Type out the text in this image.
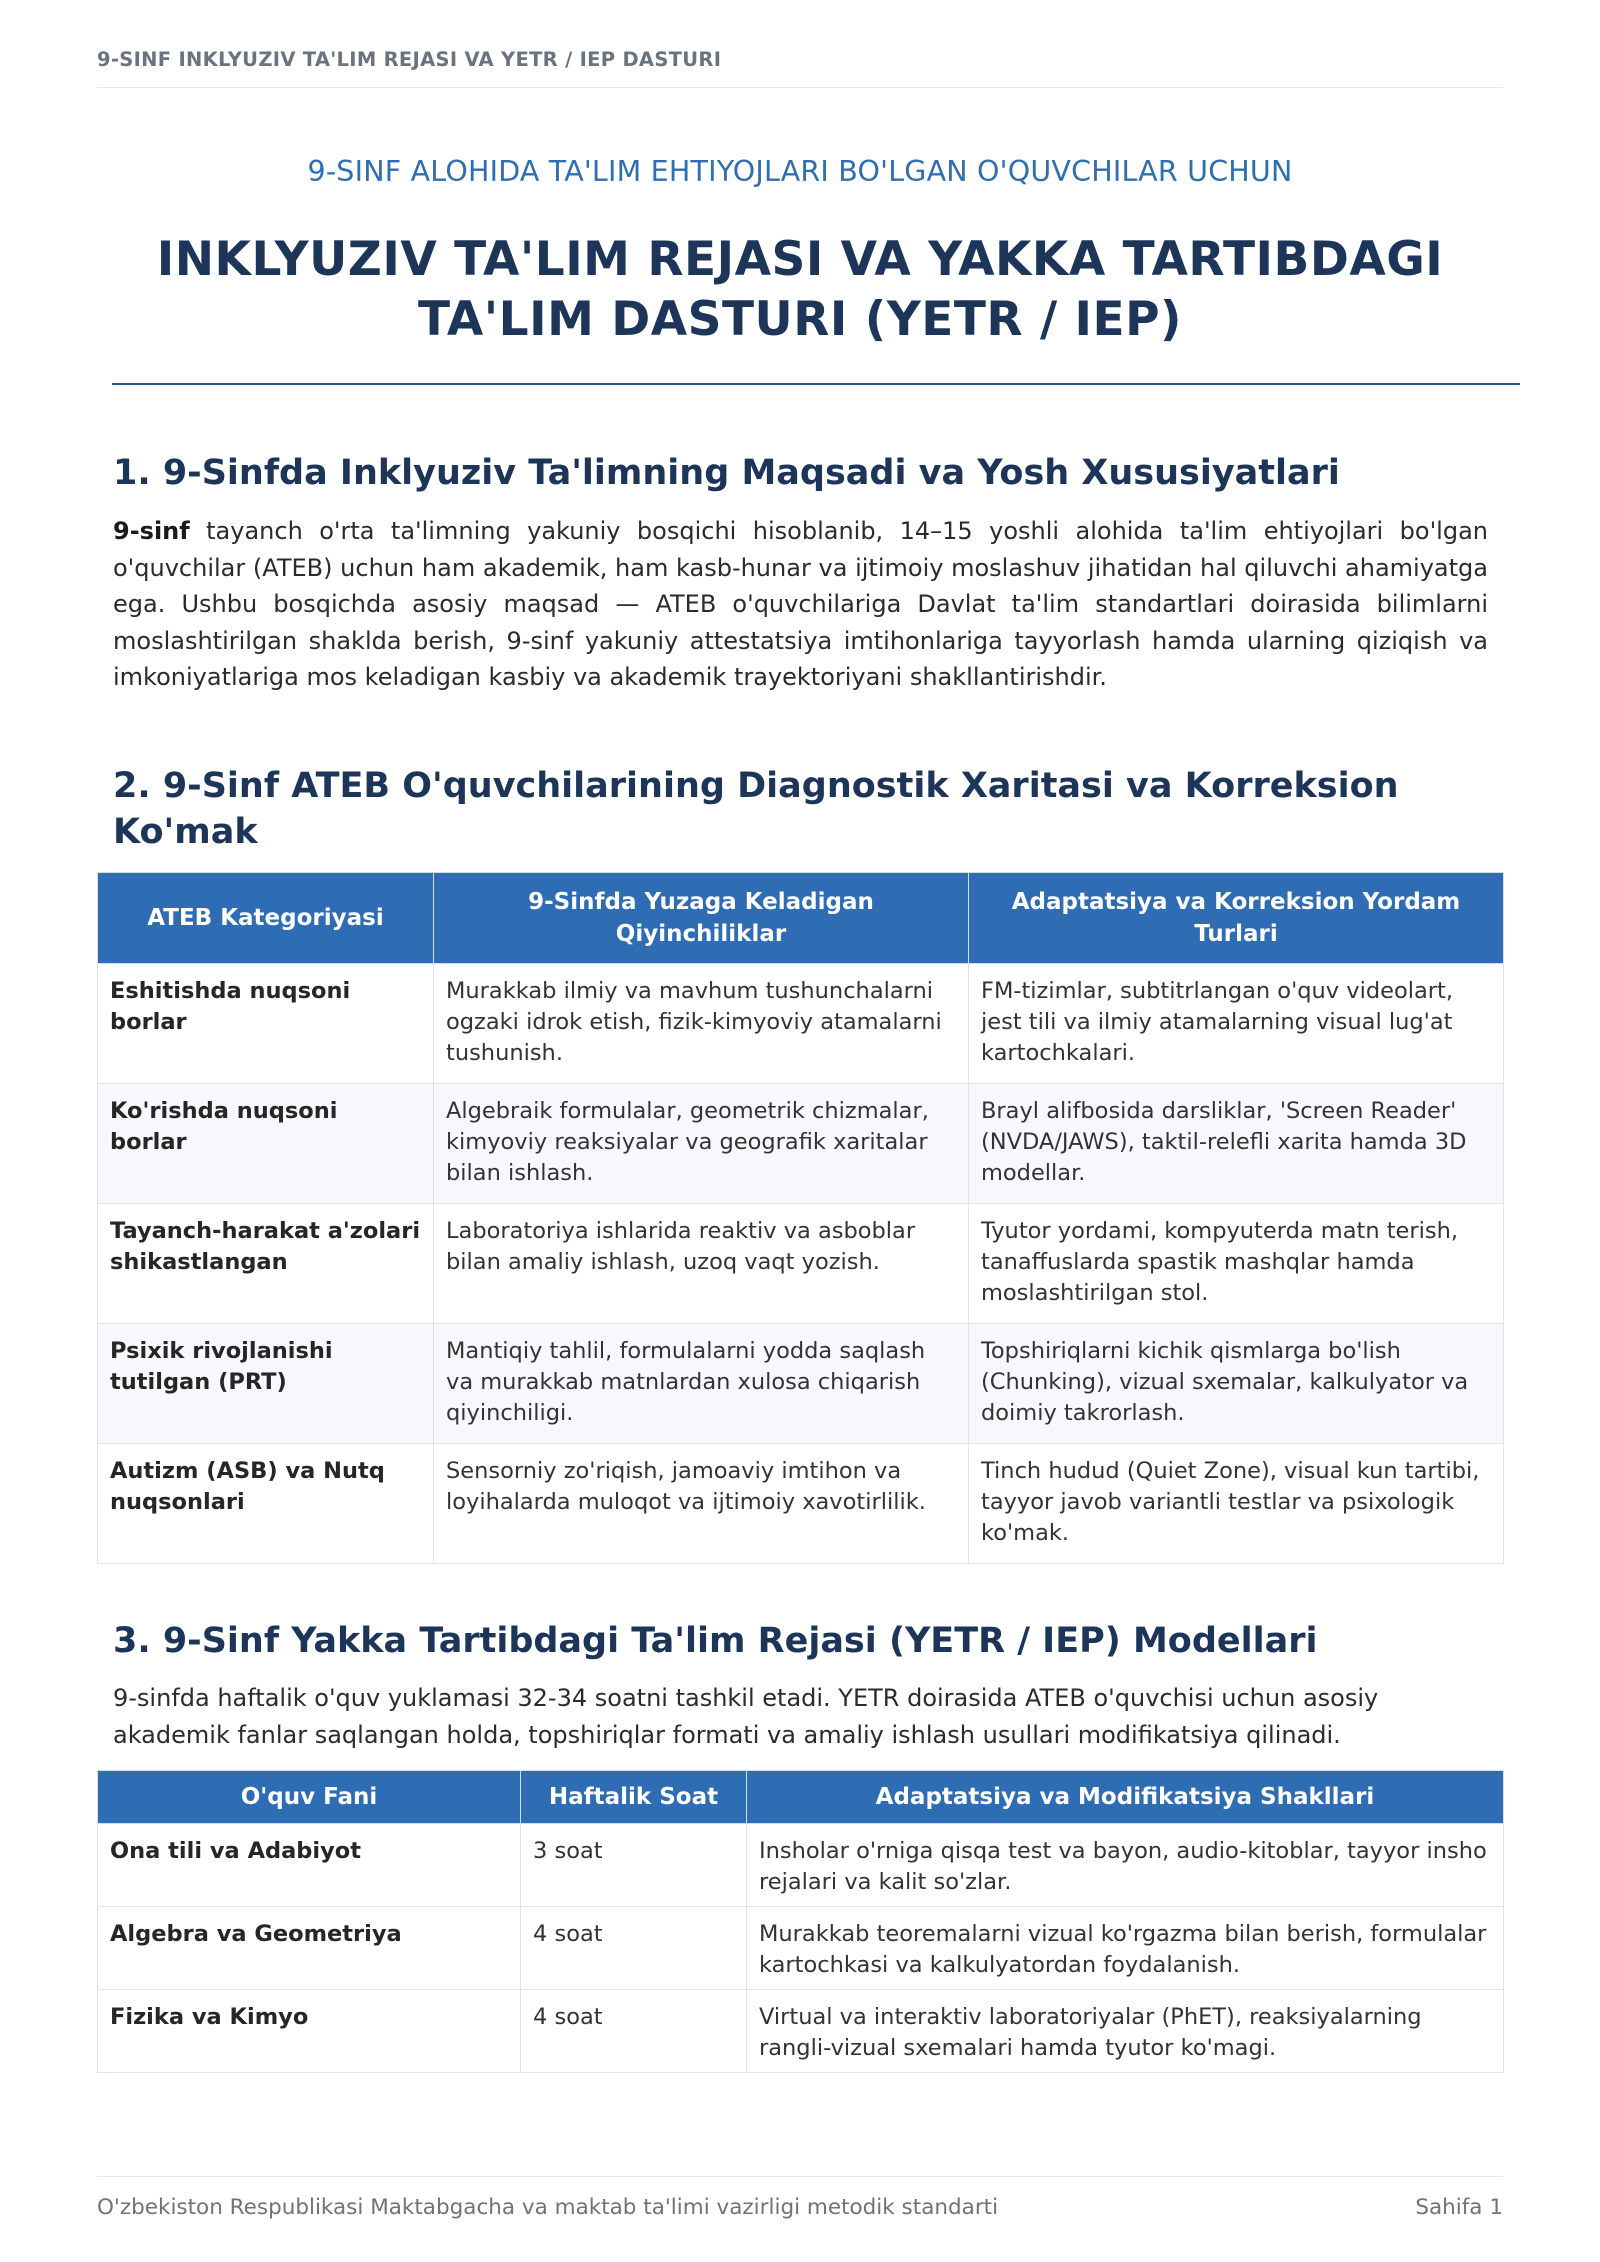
9-SINF INKLYUZIV TA'LIM REJASI VA YETR / IEP DASTURI
9-SINF ALOHIDA TA'LIM EHTIYOJLARI BO'LGAN O'QUVCHILAR UCHUN
INKLYUZIV TA'LIM REJASI VA YAKKA TARTIBDAGI
TA'LIM DASTURI (YETR / IEP)
1. 9-Sinfda Inklyuziv Ta'limning Maqsadi va Yosh Xususiyatlari

9-sinf tayanch o'rta ta'limning yakuniy bosqichi hisoblanib, 14–15 yoshli alohida ta'lim ehtiyojlari bo'lgan o'quvchilar (ATEB) uchun ham akademik, ham kasb-hunar va ijtimoiy moslashuv jihatidan hal qiluvchi ahamiyatga ega. Ushbu bosqichda asosiy maqsad — ATEB o'quvchilariga Davlat ta'lim standartlari doirasida bilimlarni moslashtirilgan shaklda berish, 9-sinf yakuniy attestatsiya imtihonlariga tayyorlash hamda ularning qiziqish va imkoniyatlariga mos keladigan kasbiy va akademik trayektoriyani shakllantirishdir.

2. 9-Sinf ATEB O'quvchilarining Diagnostik Xaritasi va Korreksion Ko'mak
ATEB Kategoriyasi	9-Sinfda Yuzaga Keladigan Qiyinchiliklar	Adaptatsiya va Korreksion Yordam Turlari
Eshitishda nuqsoni borlar	Murakkab ilmiy va mavhum tushunchalarni ogzaki idrok etish, fizik-kimyoviy atamalarni tushunish.	FM-tizimlar, subtitrlangan o'quv videolart, jest tili va ilmiy atamalarning visual lug'at kartochkalari.
Ko'rishda nuqsoni borlar	Algebraik formulalar, geometrik chizmalar, kimyoviy reaksiyalar va geografik xaritalar bilan ishlash.	Brayl alifbosida darsliklar, 'Screen Reader' (NVDA/JAWS), taktil-relefli xarita hamda 3D modellar.
Tayanch-harakat a'zolari shikastlangan	Laboratoriya ishlarida reaktiv va asboblar bilan amaliy ishlash, uzoq vaqt yozish.	Tyutor yordami, kompyuterda matn terish, tanaffuslarda spastik mashqlar hamda moslashtirilgan stol.
Psixik rivojlanishi tutilgan (PRT)	Mantiqiy tahlil, formulalarni yodda saqlash va murakkab matnlardan xulosa chiqarish qiyinchiligi.	Topshiriqlarni kichik qismlarga bo'lish (Chunking), vizual sxemalar, kalkulyator va doimiy takrorlash.
Autizm (ASB) va Nutq nuqsonlari	Sensorniy zo'riqish, jamoaviy imtihon va loyihalarda muloqot va ijtimoiy xavotirlilik.	Tinch hudud (Quiet Zone), visual kun tartibi, tayyor javob variantli testlar va psixologik ko'mak.
3. 9-Sinf Yakka Tartibdagi Ta'lim Rejasi (YETR / IEP) Modellari

9-sinfda haftalik o'quv yuklamasi 32-34 soatni tashkil etadi. YETR doirasida ATEB o'quvchisi uchun asosiy akademik fanlar saqlangan holda, topshiriqlar formati va amaliy ishlash usullari modifikatsiya qilinadi.

O'quv Fani	Haftalik Soat	Adaptatsiya va Modifikatsiya Shakllari
Ona tili va Adabiyot	3 soat	Insholar o'rniga qisqa test va bayon, audio-kitoblar, tayyor insho rejalari va kalit so'zlar.
Algebra va Geometriya	4 soat	Murakkab teoremalarni vizual ko'rgazma bilan berish, formulalar kartochkasi va kalkulyatordan foydalanish.
Fizika va Kimyo	4 soat	Virtual va interaktiv laboratoriyalar (PhET), reaksiyalarning rangli-vizual sxemalari hamda tyutor ko'magi.
O'zbekiston Respublikasi Maktabgacha va maktab ta'limi vazirligi metodik standarti	Sahifa 1
